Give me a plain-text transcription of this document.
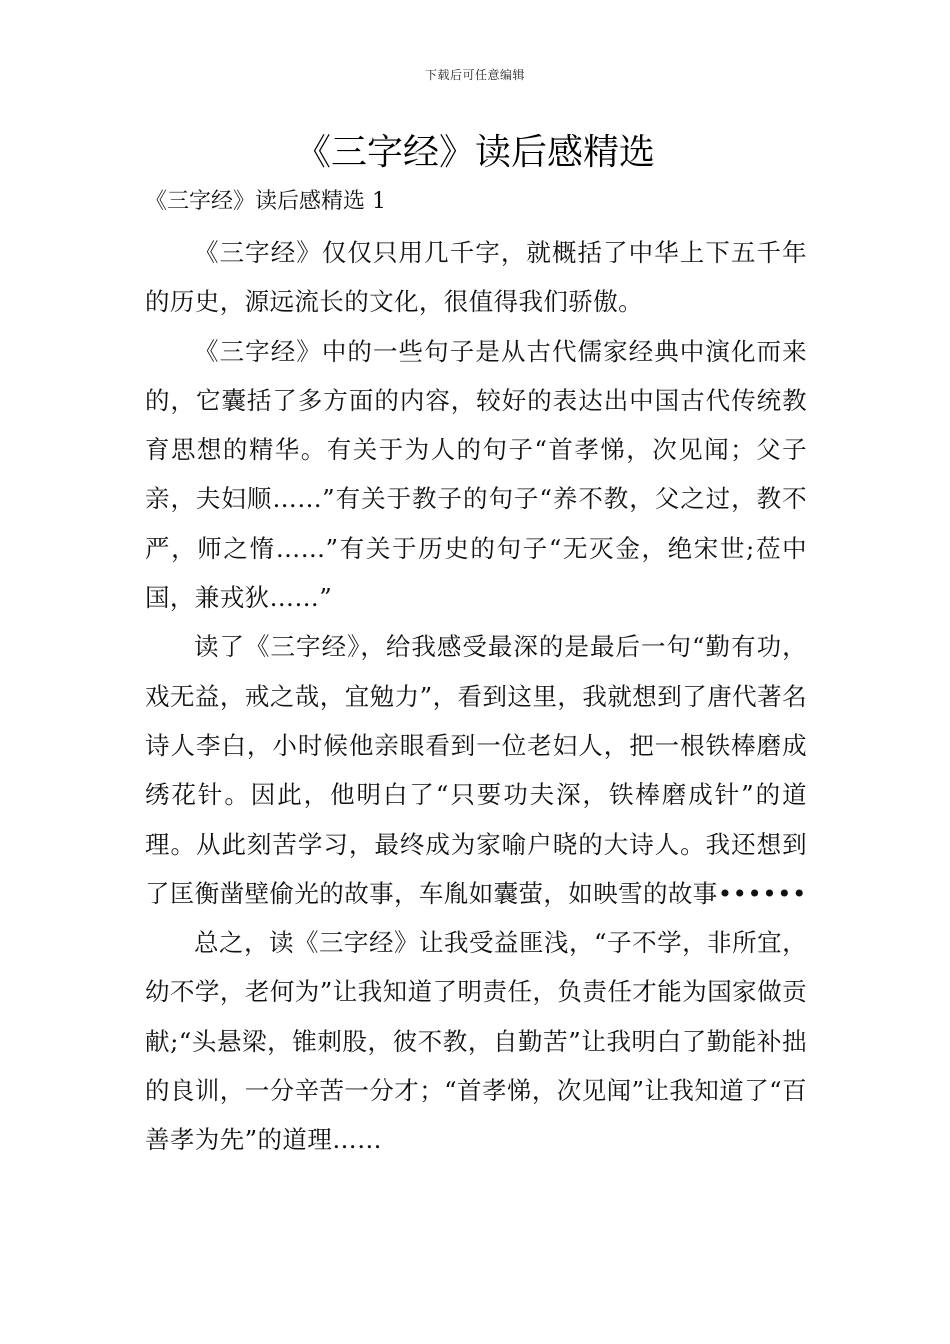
下载后可任意编辑
《三字经》读后感精选

《三字经》读后感精选 1

《三字经》仅仅只用几千字，就概括了中华上下五千年的历史，源远流长的文化，很值得我们骄傲。

《三字经》中的一些句子是从古代儒家经典中演化而来的，它囊括了多方面的内容，较好的表达出中国古代传统教育思想的精华。有关于为人的句子“首孝悌，次见闻；父子亲，夫妇顺……”有关于教子的句子“养不教，父之过，教不严，师之惰……”有关于历史的句子“无灭金，绝宋世;莅中国，兼戎狄……”

读了《三字经》，给我感受最深的是最后一句“勤有功，戏无益，戒之哉，宜勉力”，看到这里，我就想到了唐代著名诗人李白，小时候他亲眼看到一位老妇人，把一根铁棒磨成绣花针。因此，他明白了“只要功夫深，铁棒磨成针”的道理。从此刻苦学习，最终成为家喻户晓的大诗人。我还想到了匡衡凿壁偷光的故事，车胤如囊萤，如映雪的故事••••••

总之，读《三字经》让我受益匪浅，“子不学，非所宜，幼不学，老何为”让我知道了明责任，负责任才能为国家做贡献;“头悬梁，锥刺股，彼不教，自勤苦”让我明白了勤能补拙的良训，一分辛苦一分才；“首孝悌，次见闻”让我知道了“百善孝为先”的道理……
